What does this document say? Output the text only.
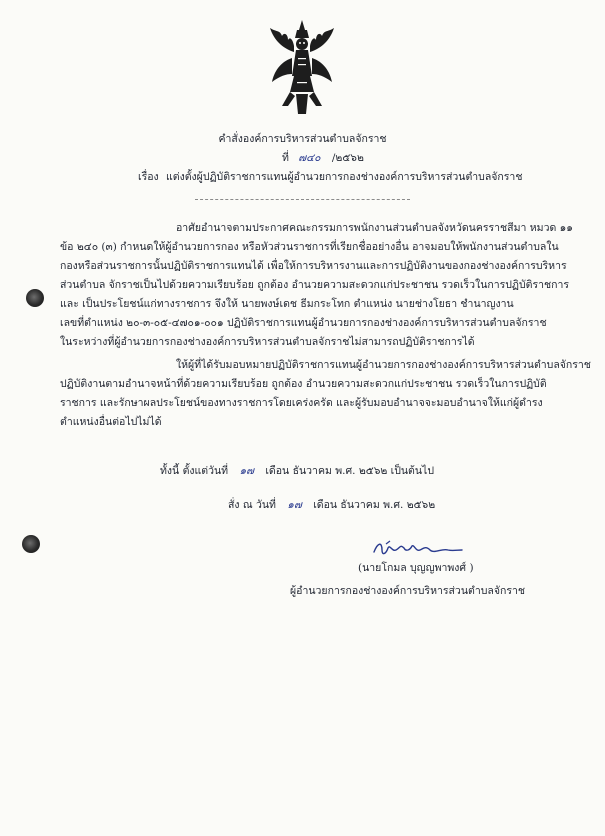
คำสั่งองค์การบริหารส่วนตำบลจักราช
ที่ ๗๔๐ /๒๕๖๒
เรื่อง แต่งตั้งผู้ปฏิบัติราชการแทนผู้อำนวยการกองช่างองค์การบริหารส่วนตำบลจักราช
อาศัยอำนาจตามประกาศคณะกรรมการพนักงานส่วนตำบลจังหวัดนครราชสีมา หมวด ๑๑
ข้อ ๒๔๐ (๓) กำหนดให้ผู้อำนวยการกอง หรือหัวส่วนราชการที่เรียกชื่ออย่างอื่น อาจมอบให้พนักงานส่วนตำบลใน
กองหรือส่วนราชการนั้นปฏิบัติราชการแทนได้ เพื่อให้การบริหารงานและการปฏิบัติงานของกองช่างองค์การบริหาร
ส่วนตำบล จักราชเป็นไปด้วยความเรียบร้อย ถูกต้อง อำนวยความสะดวกแก่ประชาชน รวดเร็วในการปฏิบัติราชการ
และ เป็นประโยชน์แก่ทางราชการ จึงให้ นายพงษ์เดช ธีมกระโทก ตำแหน่ง นายช่างโยธา ชำนาญงาน
เลขที่ตำแหน่ง ๒๐-๓-๐๕-๔๗๐๑-๐๐๑ ปฏิบัติราชการแทนผู้อำนวยการกองช่างองค์การบริหารส่วนตำบลจักราช
ในระหว่างที่ผู้อำนวยการกองช่างองค์การบริหารส่วนตำบลจักราชไม่สามารถปฏิบัติราชการได้
ให้ผู้ที่ได้รับมอบหมายปฏิบัติราชการแทนผู้อำนวยการกองช่างองค์การบริหารส่วนตำบลจักราช
ปฏิบัติงานตามอำนาจหน้าที่ด้วยความเรียบร้อย ถูกต้อง อำนวยความสะดวกแก่ประชาชน รวดเร็วในการปฏิบัติ
ราชการ และรักษาผลประโยชน์ของทางราชการโดยเคร่งครัด และผู้รับมอบอำนาจจะมอบอำนาจให้แก่ผู้ดำรง
ตำแหน่งอื่นต่อไปไม่ได้
ทั้งนี้ ตั้งแต่วันที่ ๑๗ เดือน ธันวาคม พ.ศ. ๒๕๖๒ เป็นต้นไป
สั่ง ณ วันที่ ๑๗ เดือน ธันวาคม พ.ศ. ๒๕๖๒
(นายโกมล บุญญพาพงศ์ )
ผู้อำนวยการกองช่างองค์การบริหารส่วนตำบลจักราช
